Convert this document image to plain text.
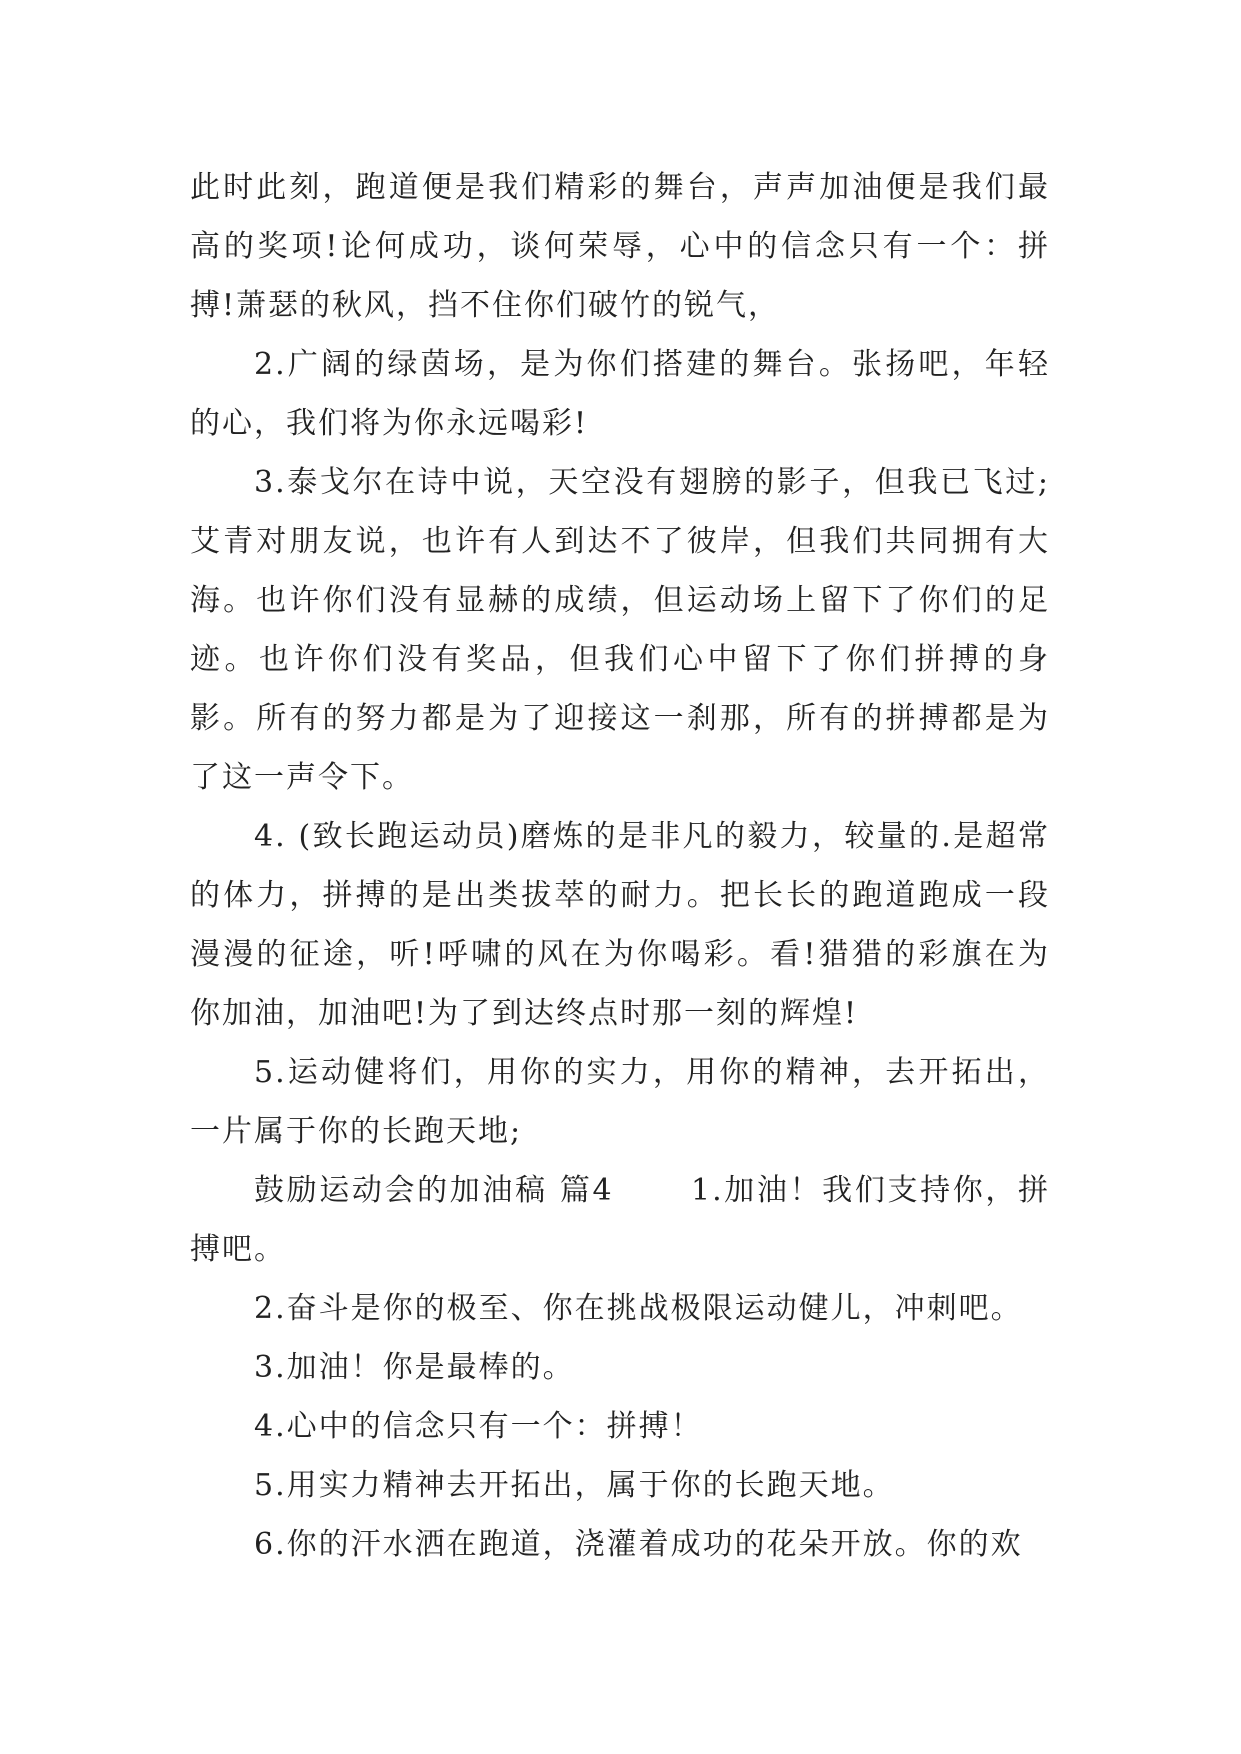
此时此刻，跑道便是我们精彩的舞台，声声加油便是我们最高的奖项!论何成功，谈何荣辱，心中的信念只有一个：拼搏!萧瑟的秋风，挡不住你们破竹的锐气，

2.广阔的绿茵场，是为你们搭建的舞台。张扬吧，年轻的心，我们将为你永远喝彩!

3.泰戈尔在诗中说，天空没有翅膀的影子，但我已飞过;艾青对朋友说，也许有人到达不了彼岸，但我们共同拥有大海。也许你们没有显赫的成绩，但运动场上留下了你们的足迹。也许你们没有奖品，但我们心中留下了你们拼搏的身影。所有的努力都是为了迎接这一刹那，所有的拼搏都是为了这一声令下。

4. (致长跑运动员)磨炼的是非凡的毅力，较量的.是超常的体力，拼搏的是出类拔萃的耐力。把长长的跑道跑成一段漫漫的征途，听!呼啸的风在为你喝彩。看!猎猎的彩旗在为你加油，加油吧!为了到达终点时那一刻的辉煌!

5.运动健将们，用你的实力，用你的精神，去开拓出，一片属于你的长跑天地;

鼓励运动会的加油稿 篇4 　　1.加油！我们支持你，拼搏吧。

2.奋斗是你的极至、你在挑战极限运动健儿，冲刺吧。

3.加油！你是最棒的。

4.心中的信念只有一个：拼搏！

5.用实力精神去开拓出，属于你的长跑天地。

6.你的汗水洒在跑道，浇灌着成功的花朵开放。你的欢
